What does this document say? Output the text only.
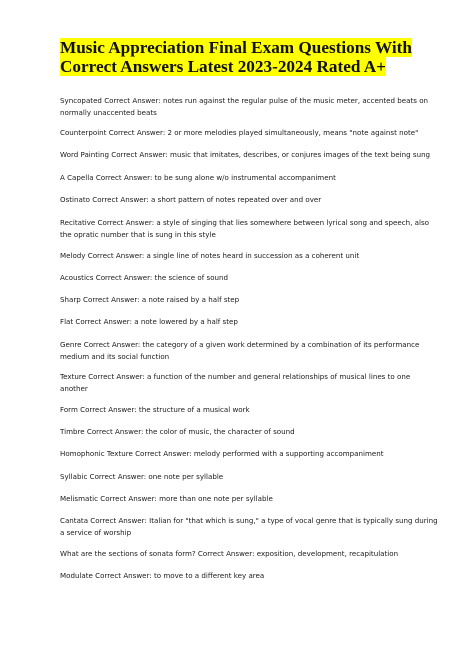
Music Appreciation Final Exam Questions With
Correct Answers Latest 2023-2024 Rated A+
Syncopated Correct Answer: notes run against the regular pulse of the music meter, accented beats on normally unaccented beats
Counterpoint Correct Answer: 2 or more melodies played simultaneously, means "note against note"
Word Painting Correct Answer: music that imitates, describes, or conjures images of the text being sung
A Capella Correct Answer: to be sung alone w/o instrumental accompaniment
Ostinato Correct Answer: a short pattern of notes repeated over and over
Recitative Correct Answer: a style of singing that lies somewhere between lyrical song and speech, also the opratic number that is sung in this style
Melody Correct Answer: a single line of notes heard in succession as a coherent unit
Acoustics Correct Answer: the science of sound
Sharp Correct Answer: a note raised by a half step
Flat Correct Answer: a note lowered by a half step
Genre Correct Answer: the category of a given work determined by a combination of its performance medium and its social function
Texture Correct Answer: a function of the number and general relationships of musical lines to one another
Form Correct Answer: the structure of a musical work
Timbre Correct Answer: the color of music, the character of sound
Homophonic Texture Correct Answer: melody performed with a supporting accompaniment
Syllabic Correct Answer: one note per syllable
Melismatic Correct Answer: more than one note per syllable
Cantata Correct Answer: Italian for "that which is sung," a type of vocal genre that is typically sung during a service of worship
What are the sections of sonata form? Correct Answer: exposition, development, recapitulation
Modulate Correct Answer: to move to a different key area
